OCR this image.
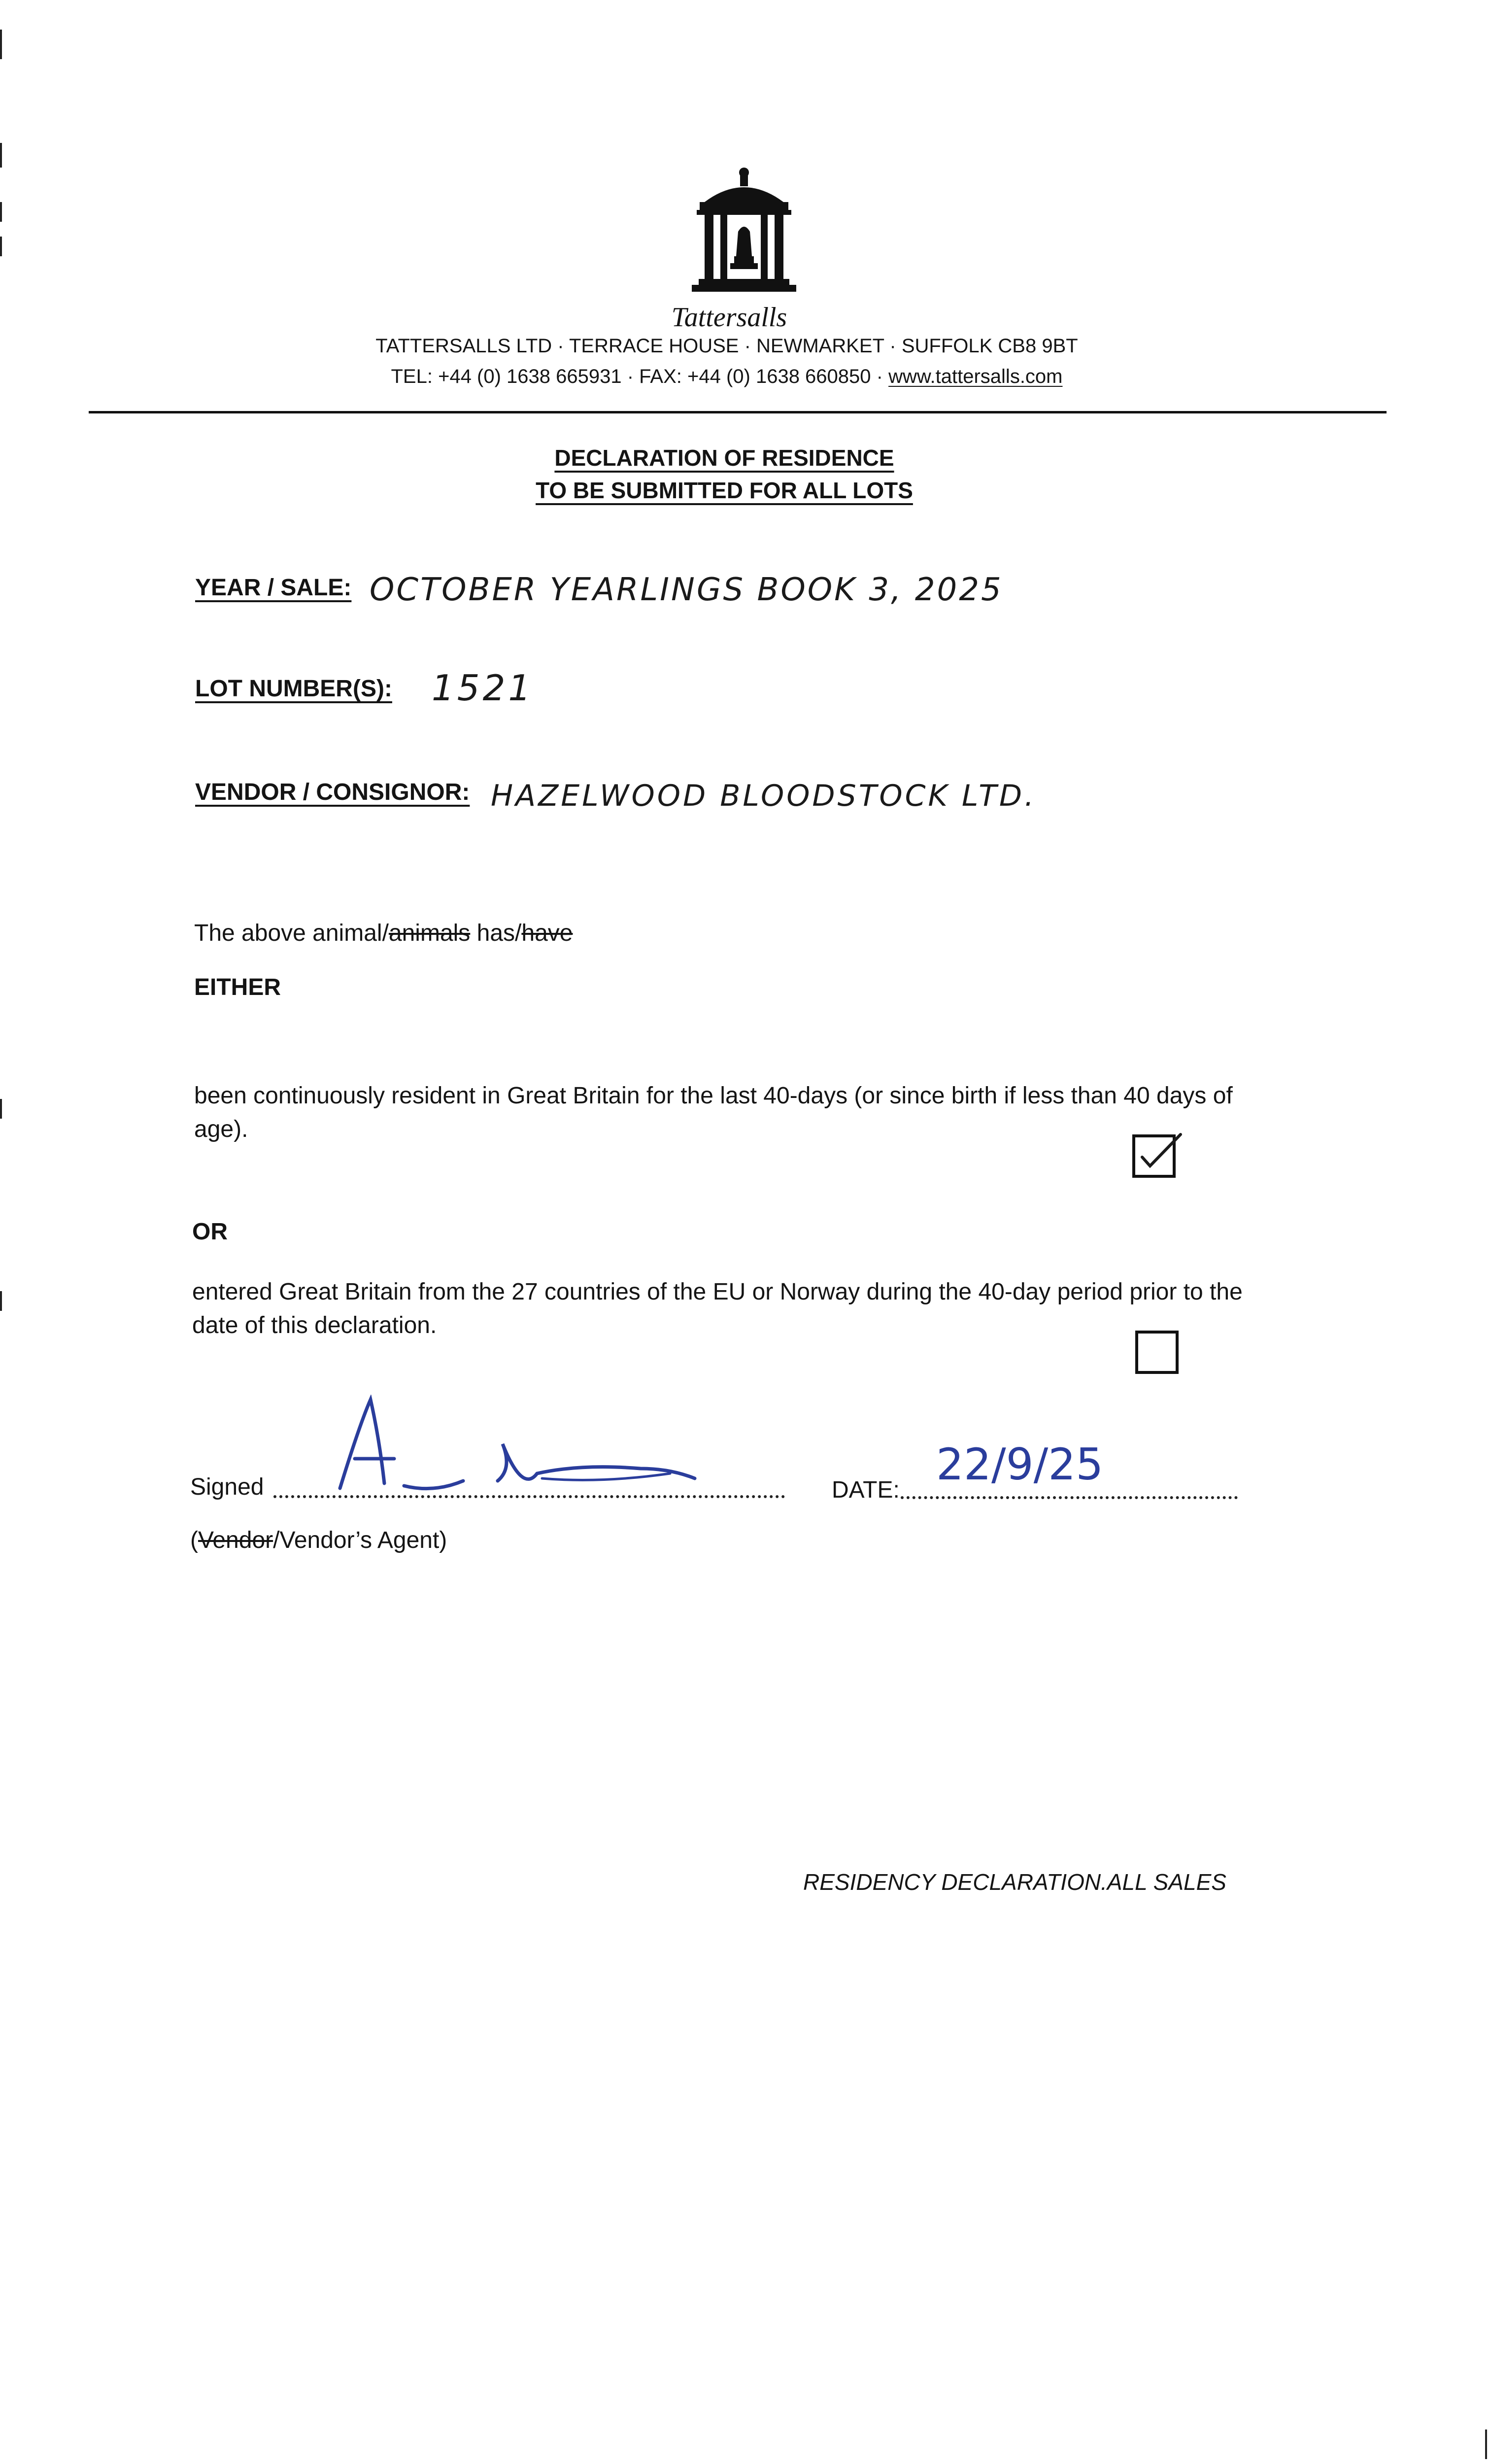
Tattersalls
TATTERSALLS LTD · TERRACE HOUSE · NEWMARKET · SUFFOLK CB8 9BT
TEL: +44 (0) 1638 665931 · FAX: +44 (0) 1638 660850 · www.tattersalls.com
DECLARATION OF RESIDENCE
TO BE SUBMITTED FOR ALL LOTS
YEAR / SALE: OCTOBER YEARLINGS BOOK 3, 2025
LOT NUMBER(S): 1521
VENDOR / CONSIGNOR: HAZELWOOD BLOODSTOCK LTD.
The above animal/animals has/have
EITHER
been continuously resident in Great Britain for the last 40-days (or since birth if less than 40 days of age).
OR
entered Great Britain from the 27 countries of the EU or Norway during the 40-day period prior to the date of this declaration.
Signed	DATE:
22/9/25
(Vendor/Vendor’s Agent)
RESIDENCY DECLARATION.ALL SALES
